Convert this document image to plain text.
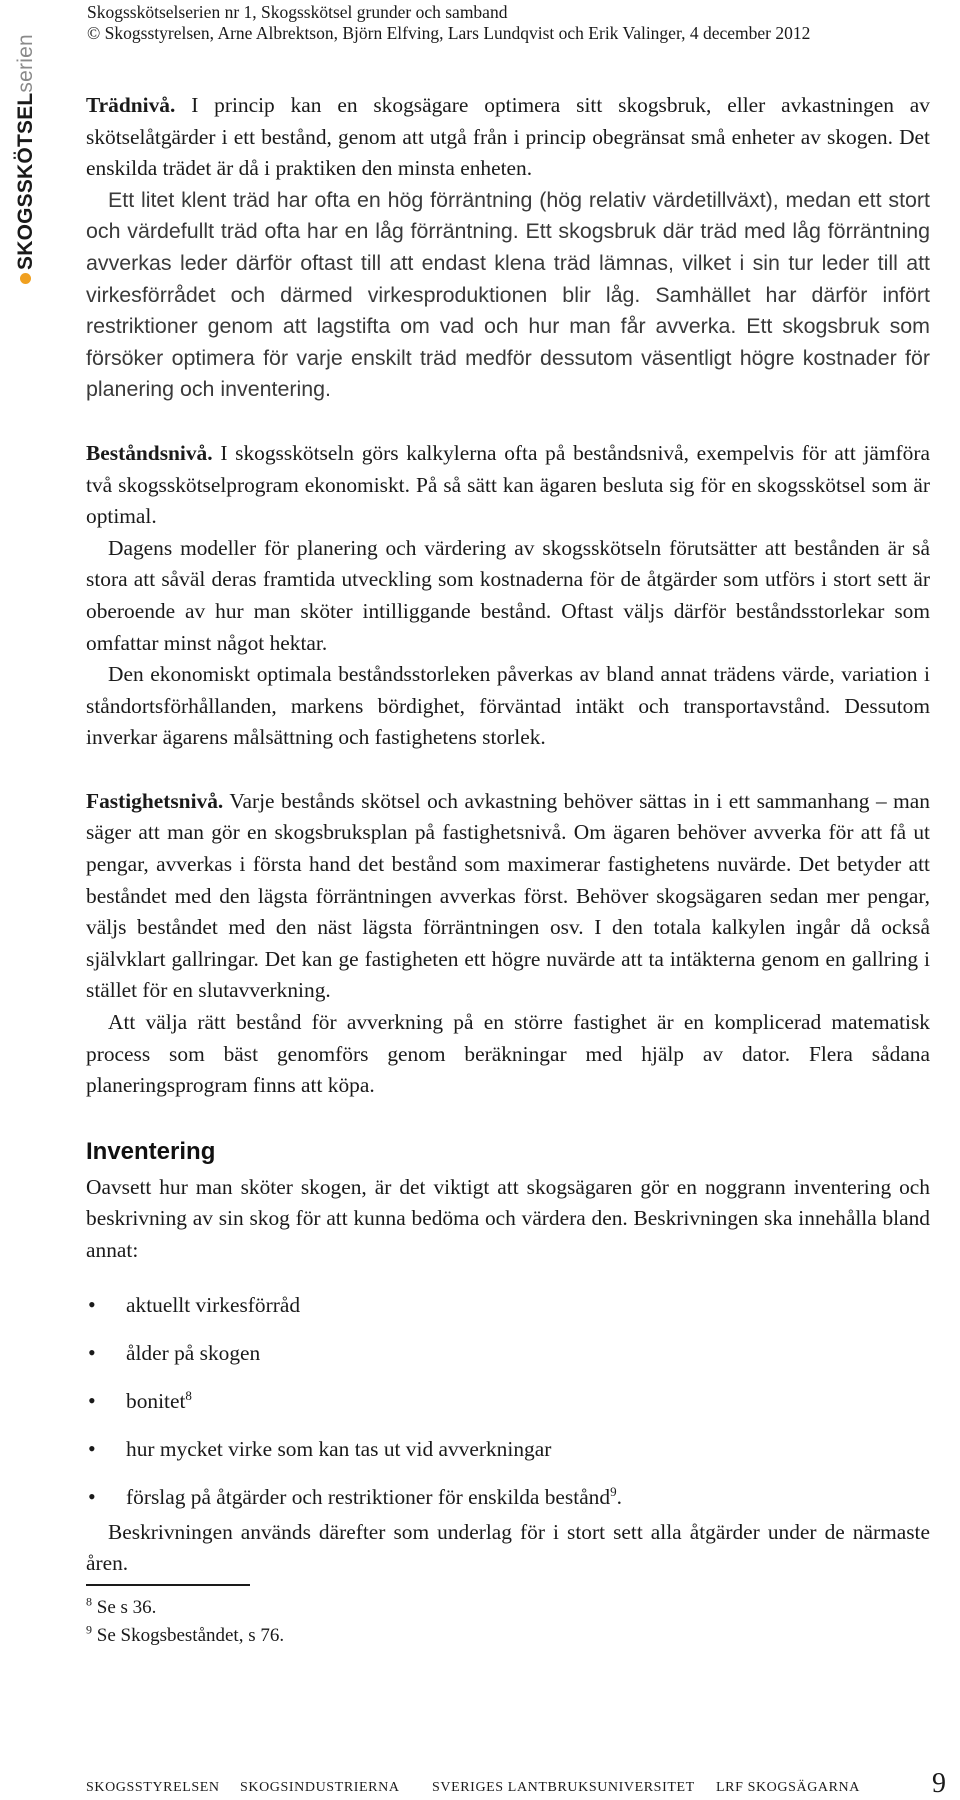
SKOGSSKÖTSELserien
Skogsskötselserien nr 1, Skogsskötsel grunder och samband
© Skogsstyrelsen, Arne Albrektson, Björn Elfving, Lars Lundqvist och Erik Valinger, 4 december 2012

Trädnivå. I princip kan en skogsägare optimera sitt skogsbruk, eller avkastningen av skötselåtgärder i ett bestånd, genom att utgå från i princip obegränsat små enheter av skogen. Det enskilda trädet är då i praktiken den minsta enheten.

Ett litet klent träd har ofta en hög förräntning (hög relativ värdetillväxt), medan ett stort och värdefullt träd ofta har en låg förräntning. Ett skogsbruk där träd med låg förräntning avverkas leder därför oftast till att endast klena träd lämnas, vilket i sin tur leder till att virkesförrådet och därmed virkesproduktionen blir låg. Samhället har därför infört restriktioner genom att lagstifta om vad och hur man får avverka. Ett skogsbruk som försöker optimera för varje enskilt träd medför dessutom väsentligt högre kostnader för planering och inventering.

Beståndsnivå. I skogsskötseln görs kalkylerna ofta på beståndsnivå, exempelvis för att jämföra två skogsskötselprogram ekonomiskt. På så sätt kan ägaren besluta sig för en skogsskötsel som är optimal.

Dagens modeller för planering och värdering av skogsskötseln förutsätter att bestånden är så stora att såväl deras framtida utveckling som kostnaderna för de åtgärder som utförs i stort sett är oberoende av hur man sköter intilliggande bestånd. Oftast väljs därför beståndsstorlekar som omfattar minst något hektar.

Den ekonomiskt optimala beståndsstorleken påverkas av bland annat trädens värde, variation i ståndortsförhållanden, markens bördighet, förväntad intäkt och transportavstånd. Dessutom inverkar ägarens målsättning och fastighetens storlek.

Fastighetsnivå. Varje bestånds skötsel och avkastning behöver sättas in i ett sammanhang – man säger att man gör en skogsbruksplan på fastighetsnivå. Om ägaren behöver avverka för att få ut pengar, avverkas i första hand det bestånd som maximerar fastighetens nuvärde. Det betyder att beståndet med den lägsta förräntningen avverkas först. Behöver skogsägaren sedan mer pengar, väljs beståndet med den näst lägsta förräntningen osv. I den totala kalkylen ingår då också självklart gallringar. Det kan ge fastigheten ett högre nuvärde att ta intäkterna genom en gallring i stället för en slutavverkning.

Att välja rätt bestånd för avverkning på en större fastighet är en komplicerad matematisk process som bäst genomförs genom beräkningar med hjälp av dator. Flera sådana planeringsprogram finns att köpa.

Inventering

Oavsett hur man sköter skogen, är det viktigt att skogsägaren gör en noggrann inventering och beskrivning av sin skog för att kunna bedöma och värdera den. Beskrivningen ska innehålla bland annat:

• aktuellt virkesförråd
• ålder på skogen
• bonitet$^8$
• hur mycket virke som kan tas ut vid avverkningar
• förslag på åtgärder och restriktioner för enskilda bestånd$^9$.

Beskrivningen används därefter som underlag för i stort sett alla åtgärder under de närmaste åren.

$^8$ Se s 36.
$^9$ Se Skogsbeståndet, s 76.
SKOGSSTYRELSEN SKOGSINDUSTRIERNA SVERIGES LANTBRUKSUNIVERSITET LRF SKOGSÄGARNA	9
